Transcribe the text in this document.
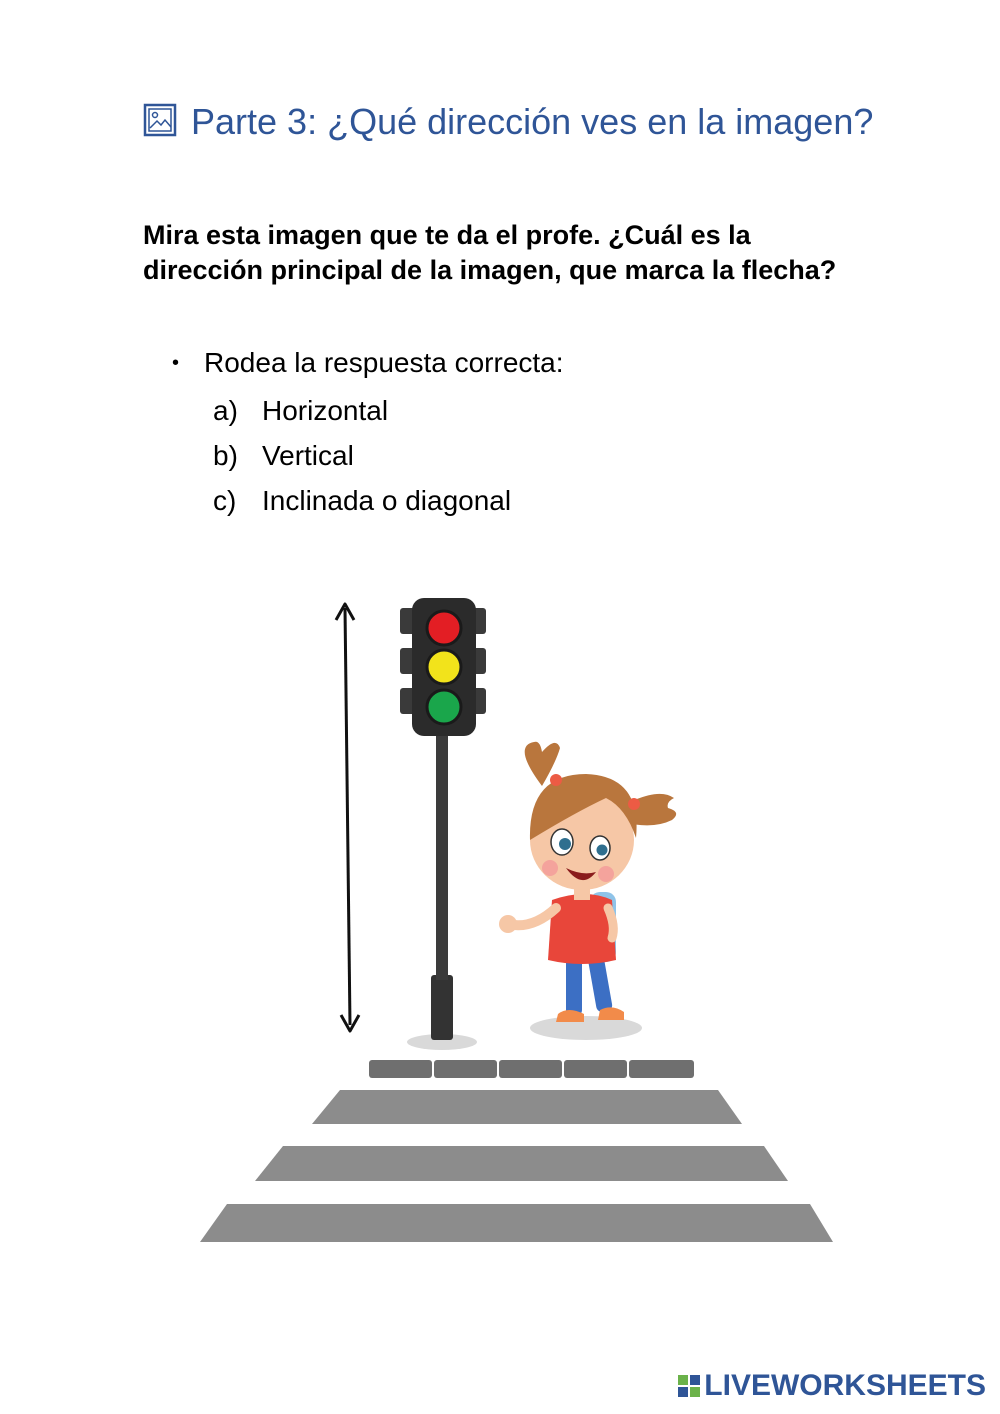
Parte 3: ¿Qué dirección ves en la imagen?

Mira esta imagen que te da el profe. ¿Cuál es la dirección principal de la imagen, que marca la flecha?

• Rodea la respuesta correcta:
a) Horizontal
b) Vertical
c) Inclinada o diagonal
LIVEWORKSHEETS
